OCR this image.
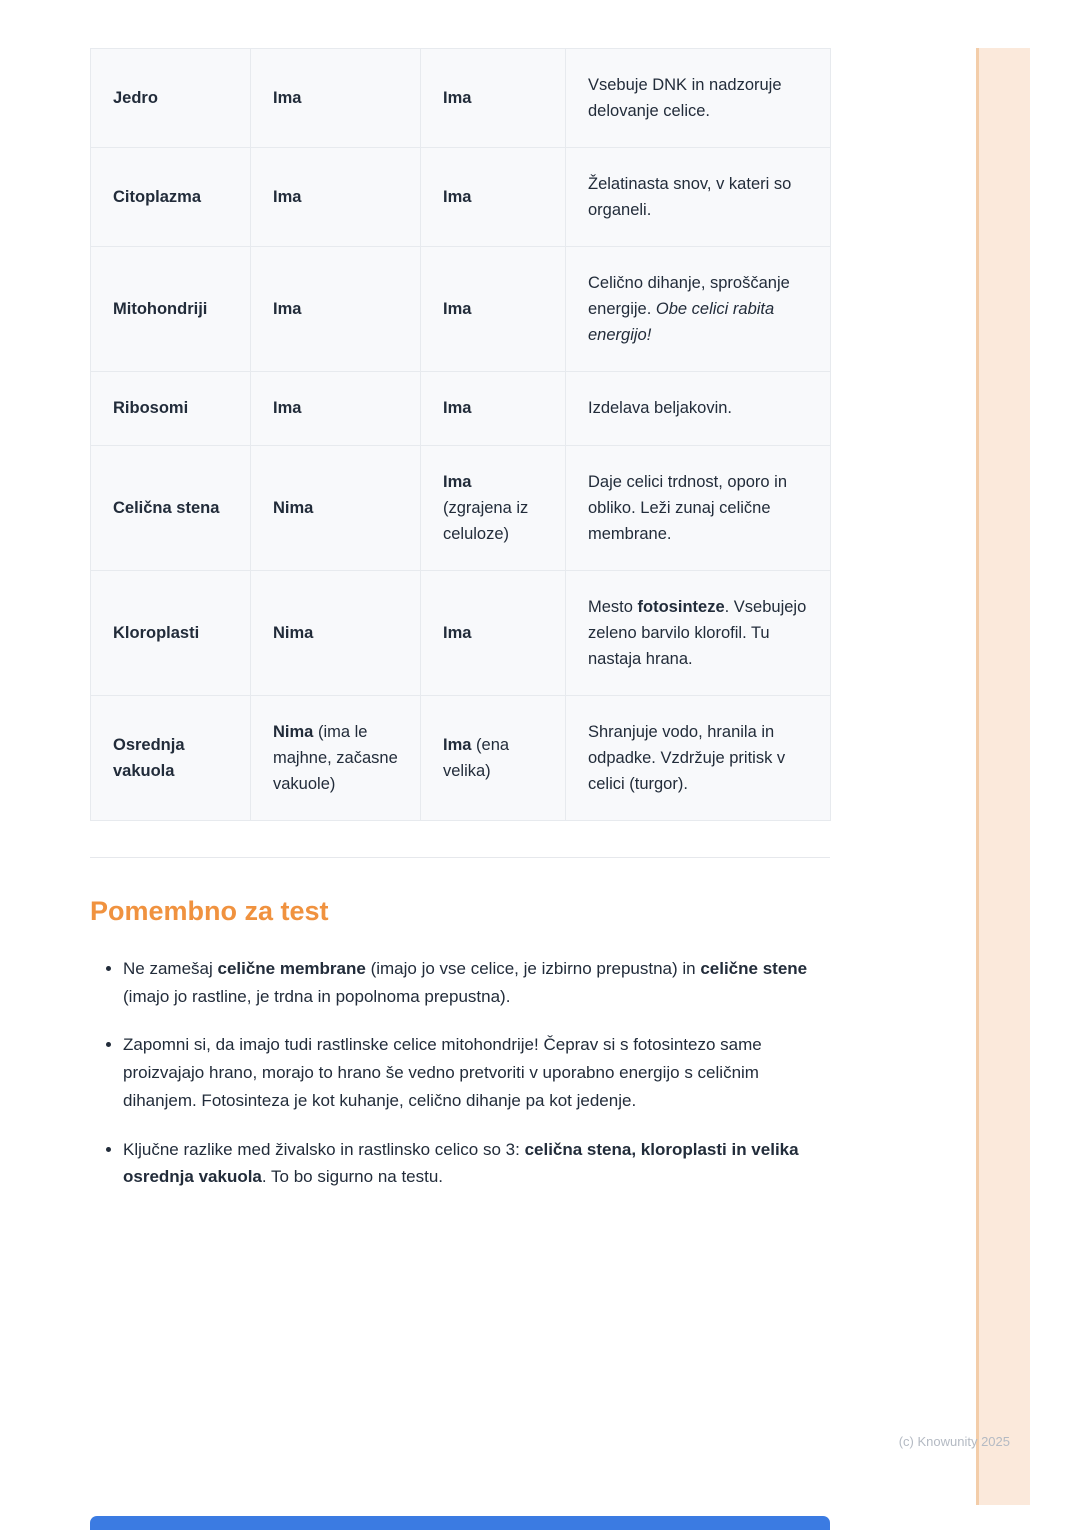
Jedro	Ima	Ima	Vsebuje DNK in nadzoruje delovanje celice.
Citoplazma	Ima	Ima	Želatinasta snov, v kateri so organeli.
Mitohondriji	Ima	Ima	Celično dihanje, sproščanje energije. Obe celici rabita energijo!
Ribosomi	Ima	Ima	Izdelava beljakovin.
Celična stena	Nima	Ima (zgrajena iz celuloze)	Daje celici trdnost, oporo in obliko. Leži zunaj celične membrane.
Kloroplasti	Nima	Ima	Mesto fotosinteze. Vsebujejo zeleno barvilo klorofil. Tu nastaja hrana.
Osrednja vakuola	Nima (ima le majhne, začasne vakuole)	Ima (ena velika)	Shranjuje vodo, hranila in odpadke. Vzdržuje pritisk v celici (turgor).
Pomembno za test
• Ne zamešaj celične membrane (imajo jo vse celice, je izbirno prepustna) in celične stene (imajo jo rastline, je trdna in popolnoma prepustna).
• Zapomni si, da imajo tudi rastlinske celice mitohondrije! Čeprav si s fotosintezo same proizvajajo hrano, morajo to hrano še vedno pretvoriti v uporabno energijo s celičnim dihanjem. Fotosinteza je kot kuhanje, celično dihanje pa kot jedenje.
• Ključne razlike med živalsko in rastlinsko celico so 3: celična stena, kloroplasti in velika osrednja vakuola. To bo sigurno na testu.
(c) Knowunity 2025
